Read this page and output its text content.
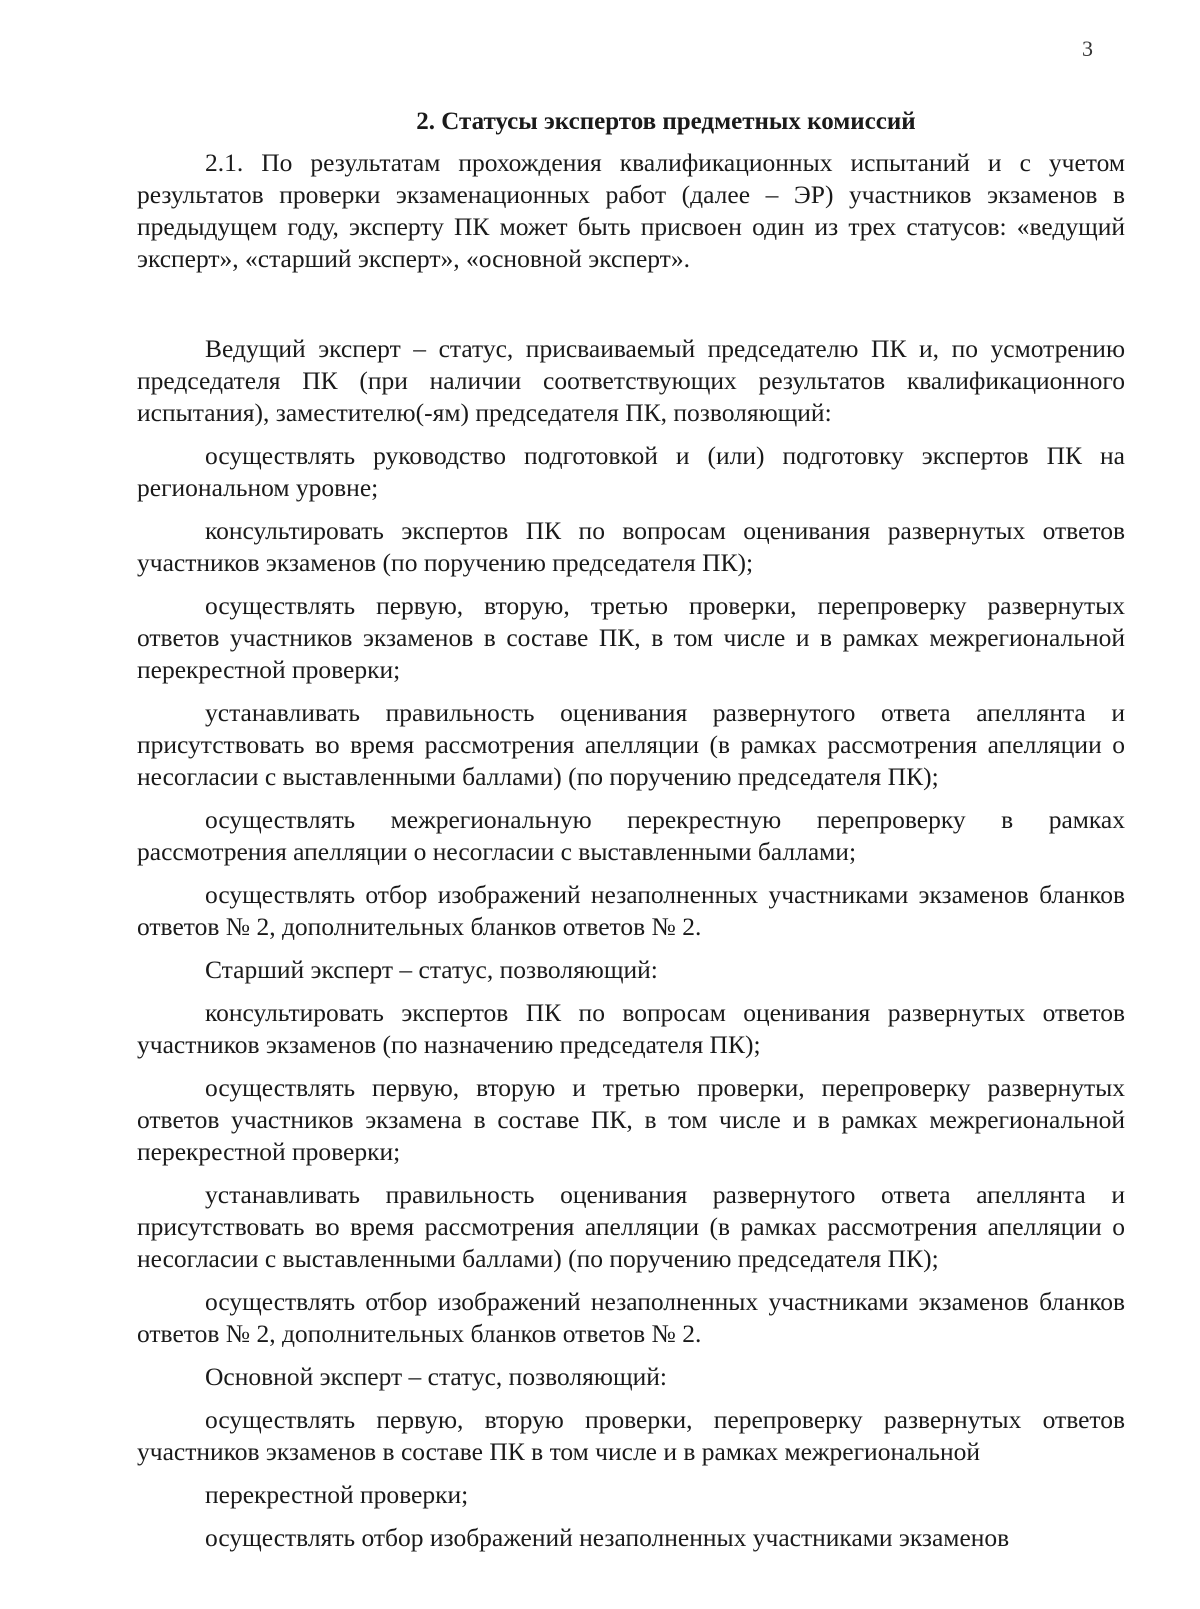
3
2. Статусы экспертов предметных комиссий

2.1. По результатам прохождения квалификационных испытаний и с учетом результатов проверки экзаменационных работ (далее – ЭР) участников экзаменов в предыдущем году, эксперту ПК может быть присвоен один из трех статусов: «ведущий эксперт», «старший эксперт», «основной эксперт».

Ведущий эксперт – статус, присваиваемый председателю ПК и, по усмотрению председателя ПК (при наличии соответствующих результатов квалификационного испытания), заместителю(-ям) председателя ПК, позволяющий:

осуществлять руководство подготовкой и (или) подготовку экспертов ПК на региональном уровне;

консультировать экспертов ПК по вопросам оценивания развернутых ответов участников экзаменов (по поручению председателя ПК);

осуществлять первую, вторую, третью проверки, перепроверку развернутых ответов участников экзаменов в составе ПК, в том числе и в рамках межрегиональной перекрестной проверки;

устанавливать правильность оценивания развернутого ответа апеллянта и присутствовать во время рассмотрения апелляции (в рамках рассмотрения апелляции о несогласии с выставленными баллами) (по поручению председателя ПК);

осуществлять межрегиональную перекрестную перепроверку в рамках рассмотрения апелляции о несогласии с выставленными баллами;

осуществлять отбор изображений незаполненных участниками экзаменов бланков ответов № 2, дополнительных бланков ответов № 2.

Старший эксперт – статус, позволяющий:

консультировать экспертов ПК по вопросам оценивания развернутых ответов участников экзаменов (по назначению председателя ПК);

осуществлять первую, вторую и третью проверки, перепроверку развернутых ответов участников экзамена в составе ПК, в том числе и в рамках межрегиональной перекрестной проверки;

устанавливать правильность оценивания развернутого ответа апеллянта и присутствовать во время рассмотрения апелляции (в рамках рассмотрения апелляции о несогласии с выставленными баллами) (по поручению председателя ПК);

осуществлять отбор изображений незаполненных участниками экзаменов бланков ответов № 2, дополнительных бланков ответов № 2.

Основной эксперт – статус, позволяющий:

осуществлять первую, вторую проверки, перепроверку развернутых ответов участников экзаменов в составе ПК в том числе и в рамках межрегиональной

перекрестной проверки;

осуществлять отбор изображений незаполненных участниками экзаменов
